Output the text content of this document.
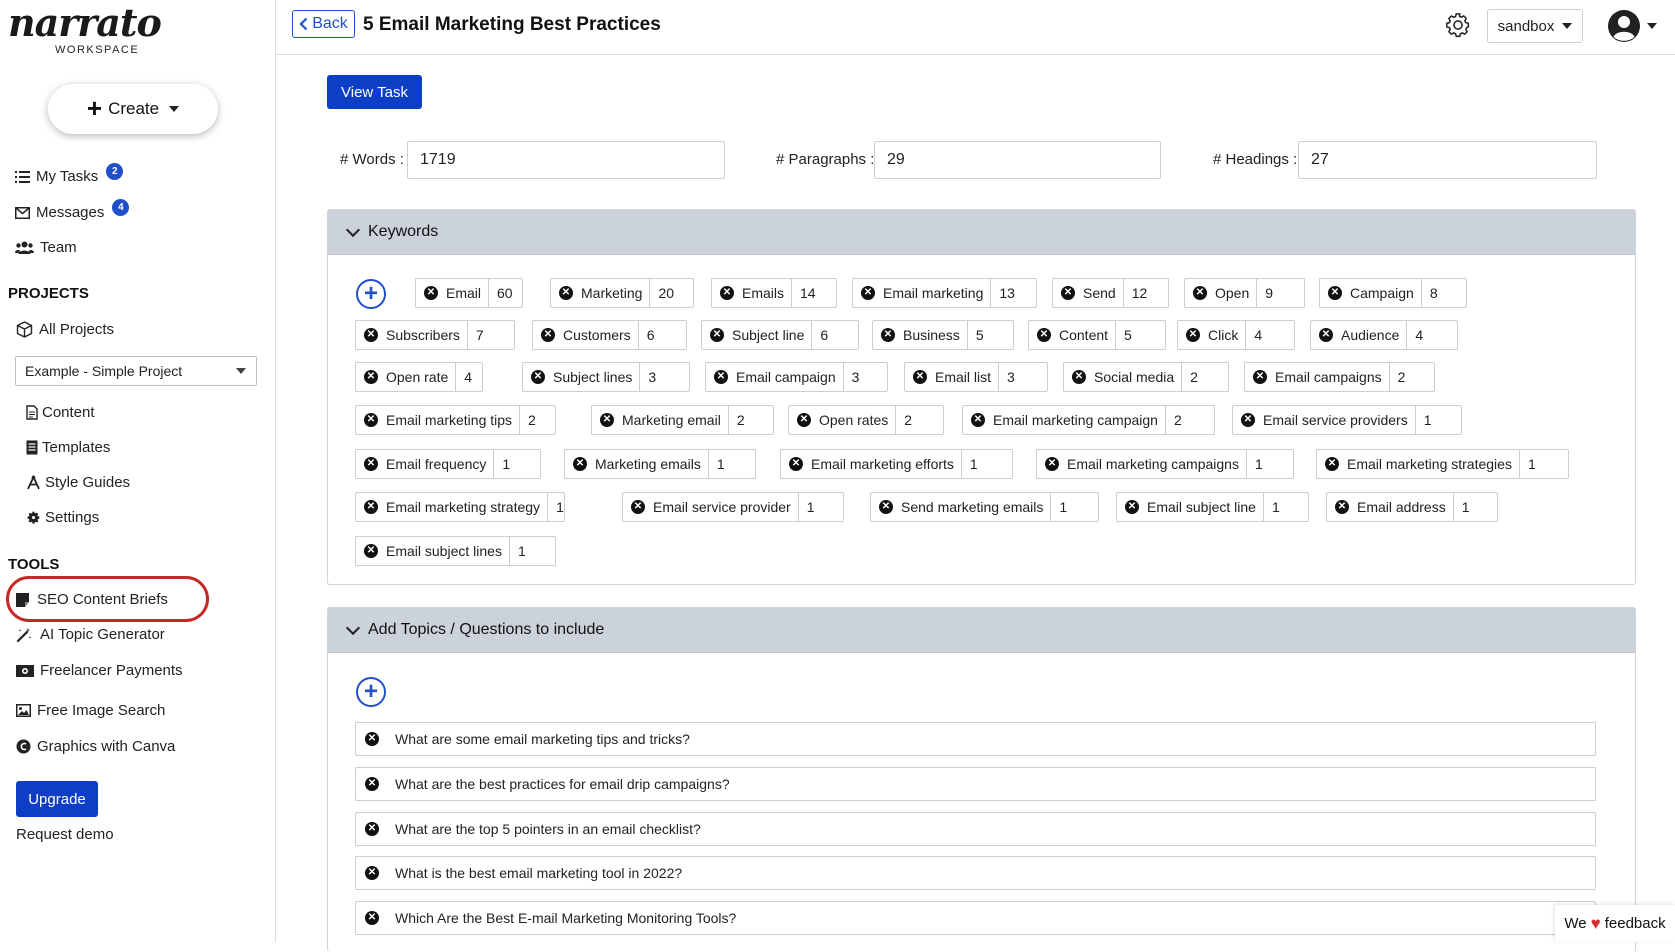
narrato
WORKSPACE
+ Create
My Tasks	2
Messages	4
Team
PROJECTS
All Projects
Example - Simple Project
Content
Templates
Style Guides
Settings
TOOLS
SEO Content Briefs
AI Topic Generator
Freelancer Payments
Free Image Search
Graphics with Canva
Upgrade
Request demo
Back 5 Email Marketing Best Practices	sandbox
View Task
# Words :	1719	# Paragraphs : 29	# Headings : 27
Keywords
+	✕ Email	60	✕ Marketing	20	✕ Emails	14	✕ Email marketing	13	✕ Send	12	✕ Open	9	✕ Campaign	8
✕ Subscribers	7	✕ Customers	6	✕ Subject line	6	✕ Business	5	✕ Content	5	✕ Click	4	✕ Audience	4
✕ Open rate	4	✕ Subject lines	3	✕ Email campaign	3	✕ Email list	3	✕ Social media	2	✕ Email campaigns	2
✕ Email marketing tips	2	✕ Marketing email	2	✕ Open rates	2	✕ Email marketing campaign	2	✕ Email service providers	1
✕ Email frequency	1	✕ Marketing emails	1	✕ Email marketing efforts	1	✕ Email marketing campaigns	1	✕ Email marketing strategies	1
✕ Email marketing strategy	1	✕ Email service provider	1	✕ Send marketing emails	1	✕ Email subject line	1	✕ Email address	1
✕ Email subject lines	1
Add Topics / Questions to include
+
✕ What are some email marketing tips and tricks?
✕ What are the best practices for email drip campaigns?
✕ What are the top 5 pointers in an email checklist?
✕ What is the best email marketing tool in 2022?
✕ Which Are the Best E-mail Marketing Monitoring Tools?	We ♥ feedback
